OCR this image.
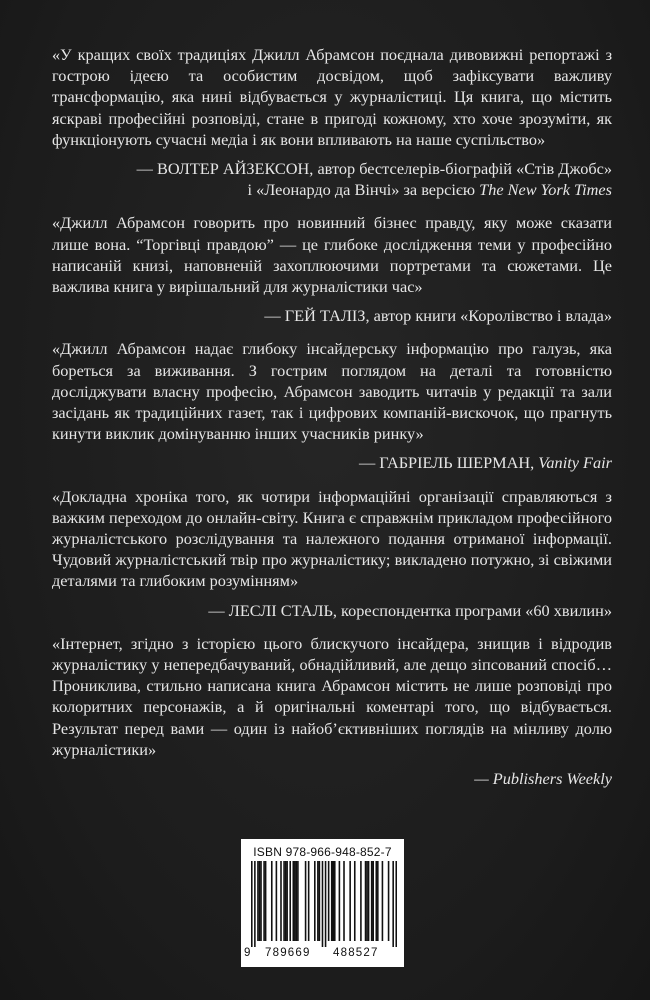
«У кращих своїх традиціях Джилл Абрамсон поєднала дивовижні репортажі з гострою ідеєю та особистим досвідом, щоб зафіксувати важливу трансформацію, яка нині відбувається у журналістиці. Ця книга, що містить яскраві професійні розповіді, стане в пригоді кожному, хто хоче зрозуміти, як функціонують сучасні медіа і як вони впливають на наше суспільство»

— ВОЛТЕР АЙЗЕКСОН, автор бестселерів-біографій «Стів Джобс»
і «Леонардо да Вінчі» за версією The New York Times

«Джилл Абрамсон говорить про новинний бізнес правду, яку може сказати лише вона. “Торгівці правдою” — це глибоке дослідження теми у професійно написаній книзі, наповненій захоплюючими портретами та сюжетами. Це важлива книга у вирішальний для журналістики час»

— ГЕЙ ТАЛІЗ, автор книги «Королівство і влада»

«Джилл Абрамсон надає глибоку інсайдерську інформацію про галузь, яка бореться за виживання. З гострим поглядом на деталі та готовністю досліджувати власну професію, Абрамсон заводить читачів у редакції та зали засідань як традиційних газет, так і цифрових компаній-вискочок, що прагнуть кинути виклик домінуванню інших учасників ринку»

— ГАБРІЕЛЬ ШЕРМАН, Vanity Fair

«Докладна хроніка того, як чотири інформаційні організації справляються з важким переходом до онлайн-світу. Книга є справжнім прикладом професійного журналістського розслідування та належного подання отриманої інформації. Чудовий журналістський твір про журналістику; викладено потужно, зі свіжими деталями та глибоким розумінням»

— ЛЕСЛІ СТАЛЬ, кореспондентка програми «60 хвилин»

«Інтернет, згідно з історією цього блискучого інсайдера, знищив і відродив журналістику у непередбачуваний, обнадійливий, але дещо зіпсований спосіб… Прониклива, стильно написана книга Абрамсон містить не лише розповіді про колоритних персонажів, а й оригінальні коментарі того, що відбувається. Результат перед вами — один із найоб’єктивніших поглядів на мінливу долю журналістики»

— Publishers Weekly
ISBN 978-966-948-852-7
9 789669 488527
